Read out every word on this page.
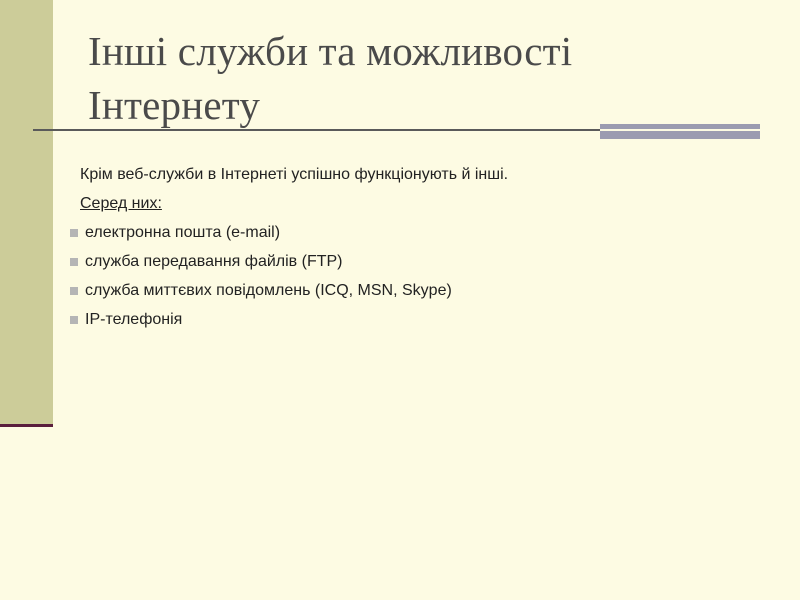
Інші служби та можливості Інтернету
Крім веб-служби в Інтернеті успішно функціонують й інші.
Серед них:
електронна пошта (e-mail)
служба передавання файлів (FTP)
служба миттєвих повідомлень (ICQ, MSN, Skype)
IP-телефонія
